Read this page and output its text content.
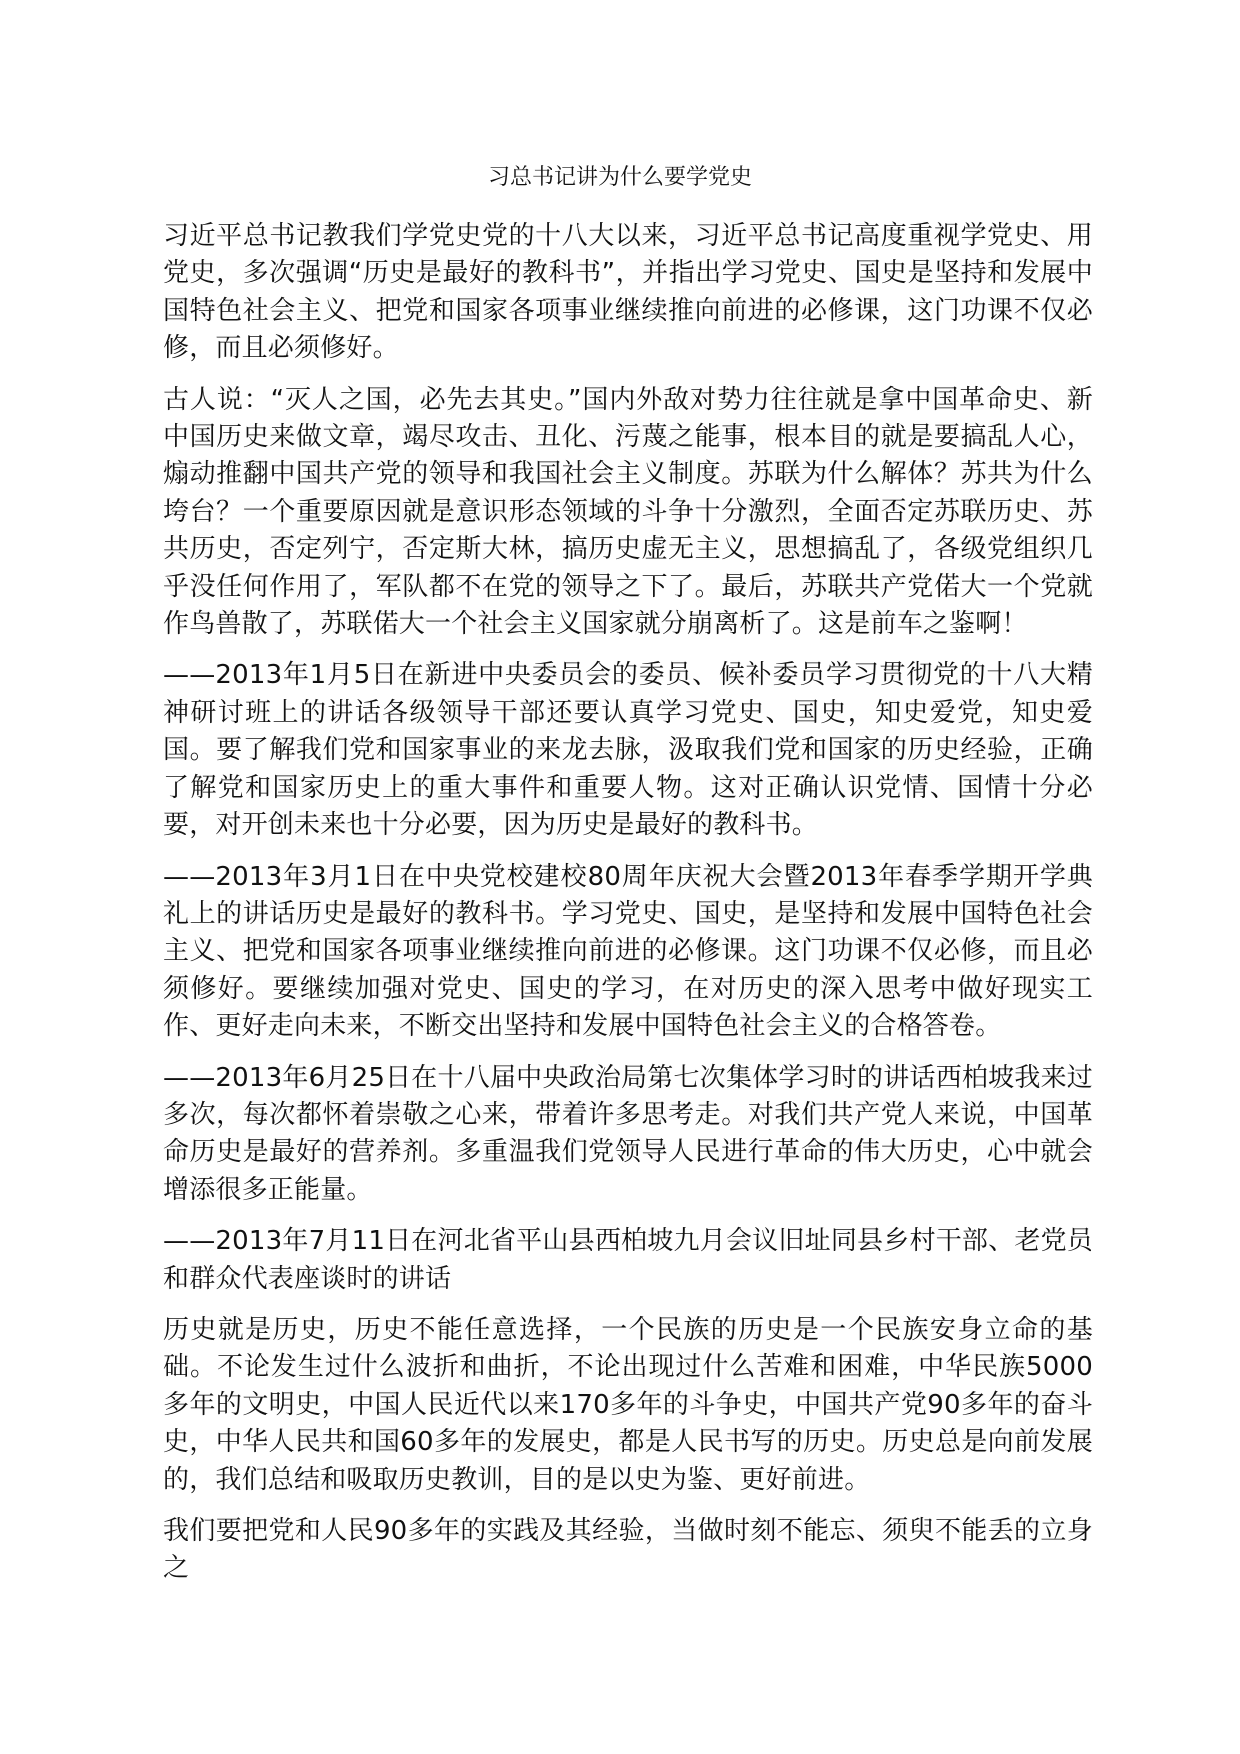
习总书记讲为什么要学党史

习近平总书记教我们学党史党的十八大以来，习近平总书记高度重视学党史、用党史，多次强调“历史是最好的教科书”，并指出学习党史、国史是坚持和发展中国特色社会主义、把党和国家各项事业继续推向前进的必修课，这门功课不仅必修，而且必须修好。

古人说：“灭人之国，必先去其史。”国内外敌对势力往往就是拿中国革命史、新中国历史来做文章，竭尽攻击、丑化、污蔑之能事，根本目的就是要搞乱人心，煽动推翻中国共产党的领导和我国社会主义制度。苏联为什么解体？苏共为什么垮台？一个重要原因就是意识形态领域的斗争十分激烈，全面否定苏联历史、苏共历史，否定列宁，否定斯大林，搞历史虚无主义，思想搞乱了，各级党组织几乎没任何作用了，军队都不在党的领导之下了。最后，苏联共产党偌大一个党就作鸟兽散了，苏联偌大一个社会主义国家就分崩离析了。这是前车之鉴啊！

——2013年1月5日在新进中央委员会的委员、候补委员学习贯彻党的十八大精神研讨班上的讲话各级领导干部还要认真学习党史、国史，知史爱党，知史爱国。要了解我们党和国家事业的来龙去脉，汲取我们党和国家的历史经验，正确了解党和国家历史上的重大事件和重要人物。这对正确认识党情、国情十分必要，对开创未来也十分必要，因为历史是最好的教科书。

——2013年3月1日在中央党校建校80周年庆祝大会暨2013年春季学期开学典礼上的讲话历史是最好的教科书。学习党史、国史，是坚持和发展中国特色社会主义、把党和国家各项事业继续推向前进的必修课。这门功课不仅必修，而且必须修好。要继续加强对党史、国史的学习，在对历史的深入思考中做好现实工作、更好走向未来，不断交出坚持和发展中国特色社会主义的合格答卷。

——2013年6月25日在十八届中央政治局第七次集体学习时的讲话西柏坡我来过多次，每次都怀着崇敬之心来，带着许多思考走。对我们共产党人来说，中国革命历史是最好的营养剂。多重温我们党领导人民进行革命的伟大历史，心中就会增添很多正能量。

——2013年7月11日在河北省平山县西柏坡九月会议旧址同县乡村干部、老党员和群众代表座谈时的讲话

历史就是历史，历史不能任意选择，一个民族的历史是一个民族安身立命的基础。不论发生过什么波折和曲折，不论出现过什么苦难和困难，中华民族5000多年的文明史，中国人民近代以来170多年的斗争史，中国共产党90多年的奋斗史，中华人民共和国60多年的发展史，都是人民书写的历史。历史总是向前发展的，我们总结和吸取历史教训，目的是以史为鉴、更好前进。

我们要把党和人民90多年的实践及其经验，当做时刻不能忘、须臾不能丢的立身之
